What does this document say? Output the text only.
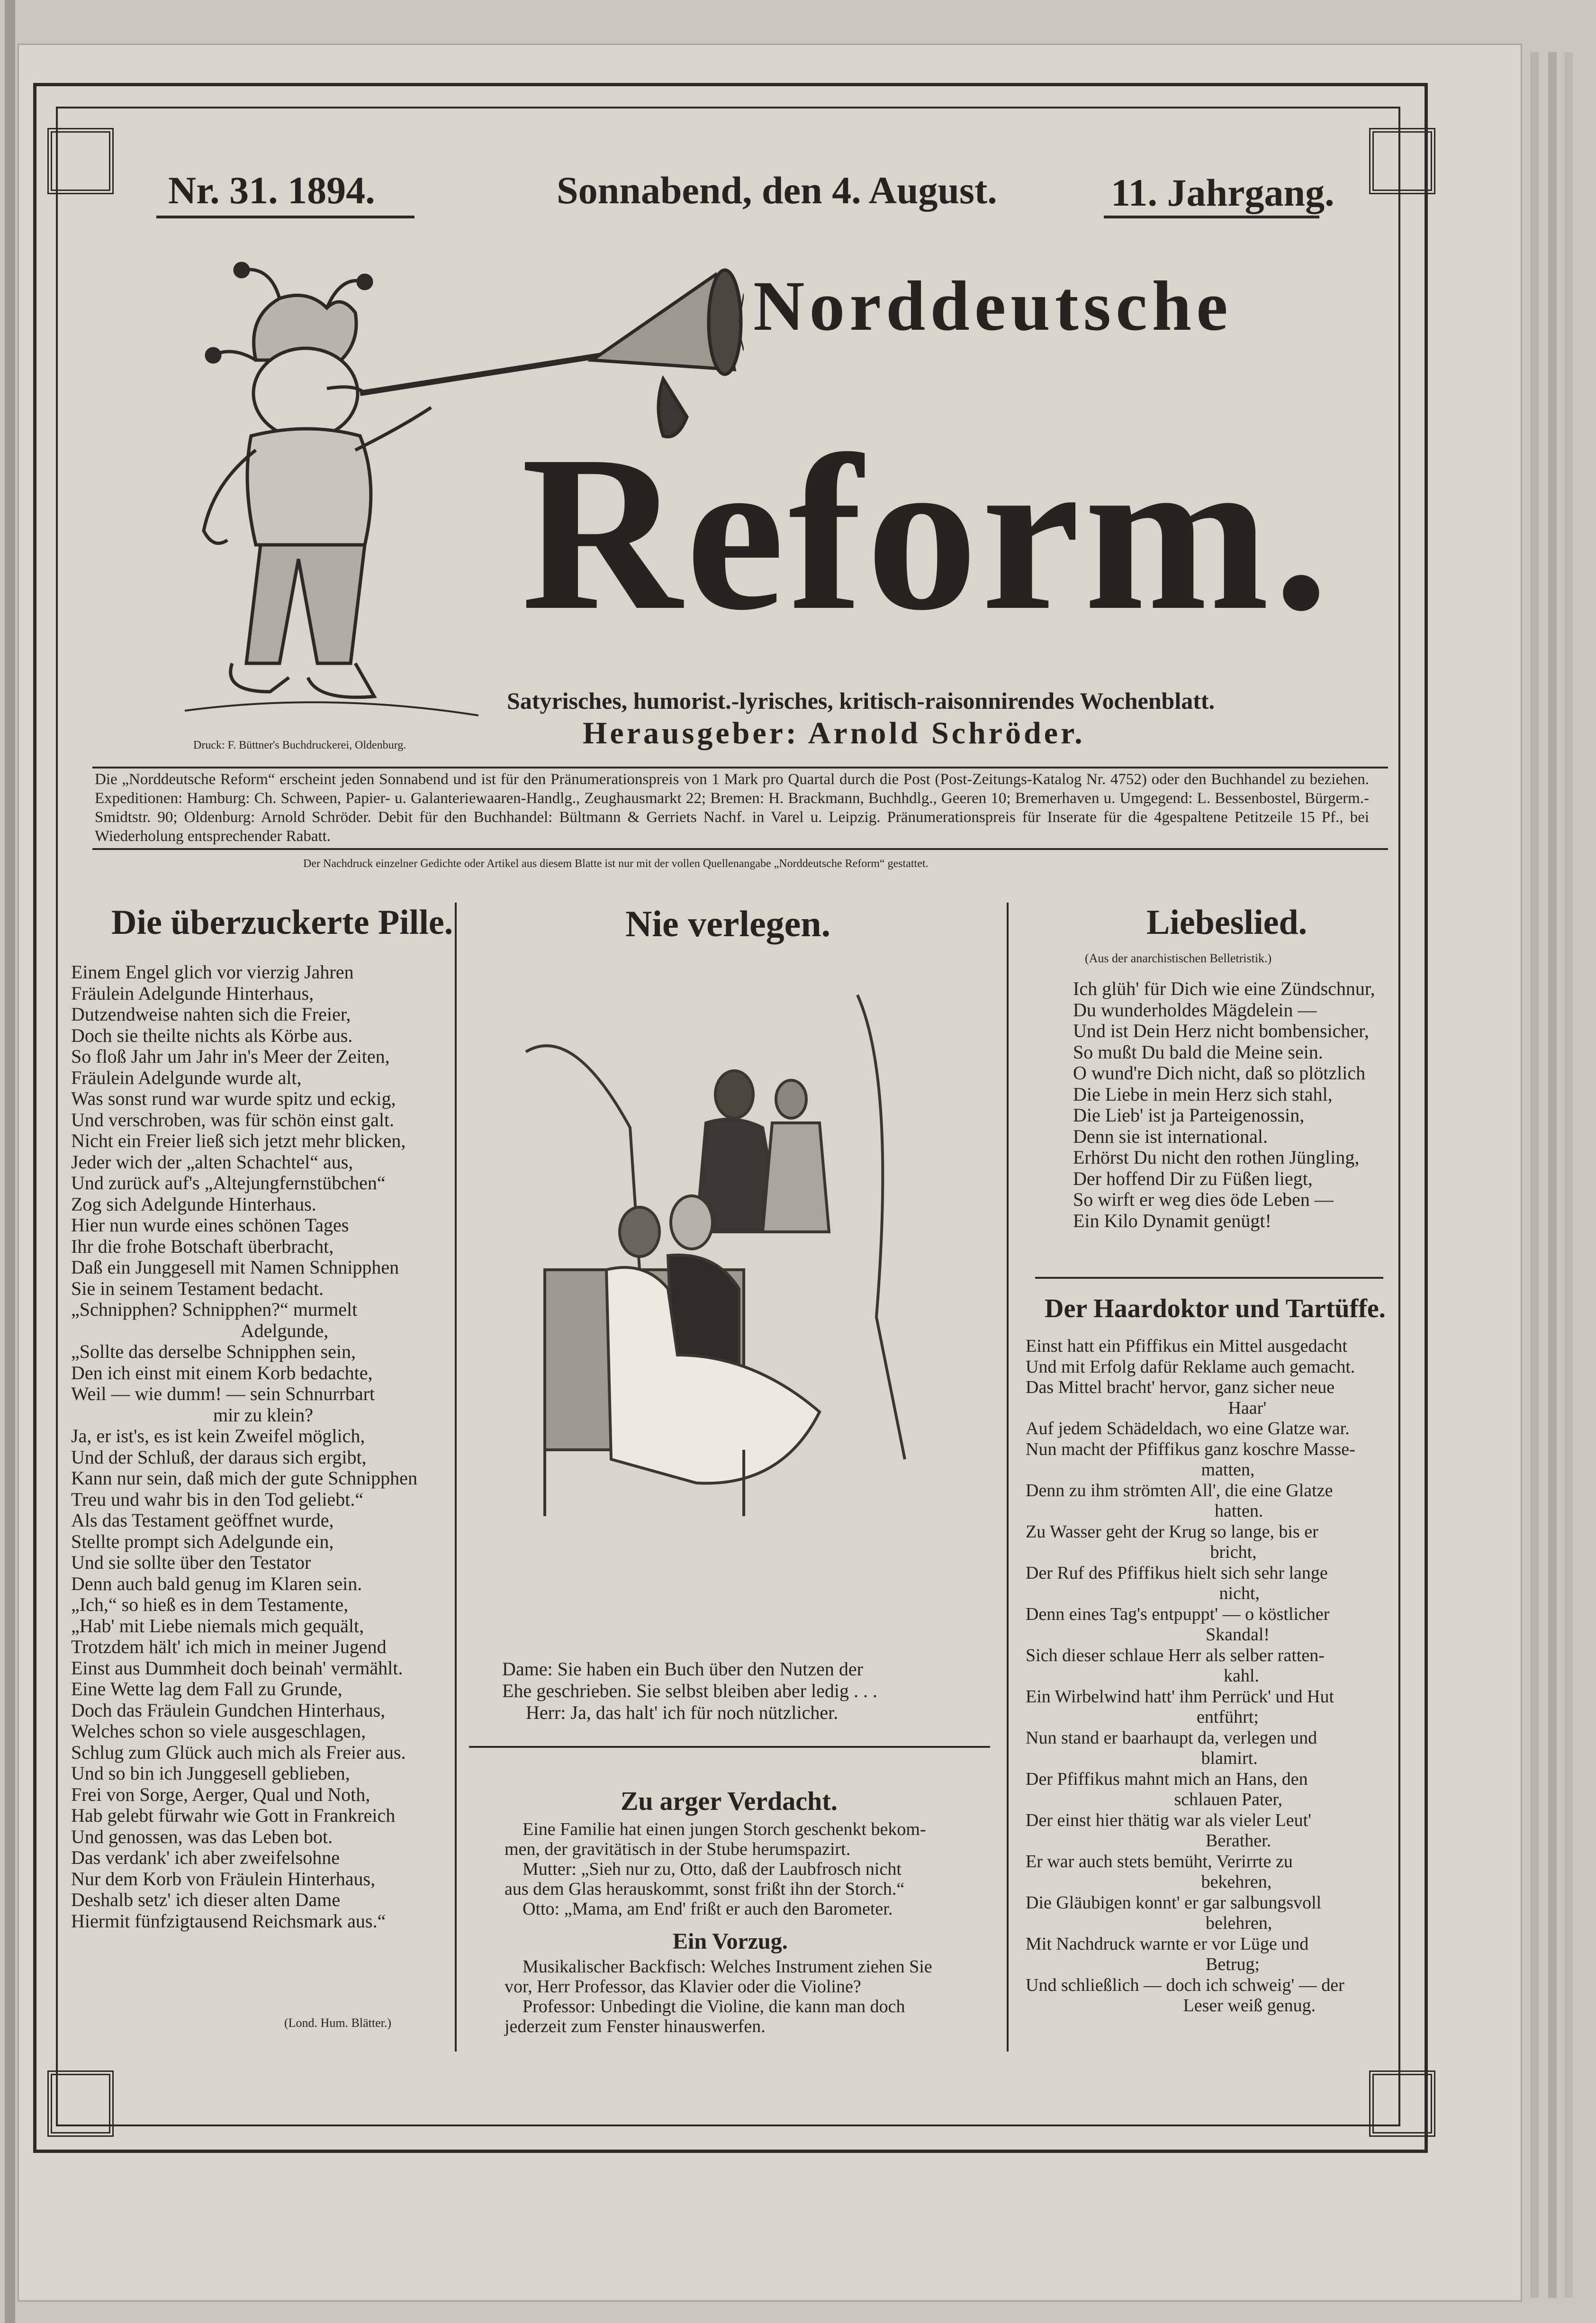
Nr. 31. 1894.	Sonnabend, den 4. August.	11. Jahrgang.
Druck: F. Büttner's Buchdruckerei, Oldenburg.
Norddeutsche
Reform.
Satyrisches, humorist.-lyrisches, kritisch-raisonnirendes Wochenblatt.
Herausgeber: Arnold Schröder.
Die „Norddeutsche Reform“ erscheint jeden Sonnabend und ist für den Pränumerationspreis von 1 Mark pro Quartal durch die Post (Post-Zeitungs-Katalog Nr. 4752) oder den Buchhandel zu beziehen. Expeditionen: Hamburg: Ch. Schween, Papier- u. Galanteriewaaren-Handlg., Zeughausmarkt 22; Bremen: H. Brackmann, Buchhdlg., Geeren 10; Bremerhaven u. Umgegend: L. Bessenbostel, Bürgerm.-Smidtstr. 90; Oldenburg: Arnold Schröder. Debit für den Buchhandel: Bültmann & Gerriets Nachf. in Varel u. Leipzig. Pränumerationspreis für Inserate für die 4gespaltene Petitzeile 15 Pf., bei Wiederholung entsprechender Rabatt.
Der Nachdruck einzelner Gedichte oder Artikel aus diesem Blatte ist nur mit der vollen Quellenangabe „Norddeutsche Reform“ gestattet.
Die überzuckerte Pille.
Einem Engel glich vor vierzig Jahren
Fräulein Adelgunde Hinterhaus,
Dutzendweise nahten sich die Freier,
Doch sie theilte nichts als Körbe aus.
So floß Jahr um Jahr in's Meer der Zeiten,
Fräulein Adelgunde wurde alt,
Was sonst rund war wurde spitz und eckig,
Und verschroben, was für schön einst galt.
Nicht ein Freier ließ sich jetzt mehr blicken,
Jeder wich der „alten Schachtel“ aus,
Und zurück auf's „Altejungfernstübchen“
Zog sich Adelgunde Hinterhaus.
Hier nun wurde eines schönen Tages
Ihr die frohe Botschaft überbracht,
Daß ein Junggesell mit Namen Schnipphen
Sie in seinem Testament bedacht.
„Schnipphen? Schnipphen?“ murmelt
Adelgunde,
„Sollte das derselbe Schnipphen sein,
Den ich einst mit einem Korb bedachte,
Weil — wie dumm! — sein Schnurrbart
mir zu klein?
Ja, er ist's, es ist kein Zweifel möglich,
Und der Schluß, der daraus sich ergibt,
Kann nur sein, daß mich der gute Schnipphen
Treu und wahr bis in den Tod geliebt.“
Als das Testament geöffnet wurde,
Stellte prompt sich Adelgunde ein,
Und sie sollte über den Testator
Denn auch bald genug im Klaren sein.
„Ich,“ so hieß es in dem Testamente,
„Hab' mit Liebe niemals mich gequält,
Trotzdem hält' ich mich in meiner Jugend
Einst aus Dummheit doch beinah' vermählt.
Eine Wette lag dem Fall zu Grunde,
Doch das Fräulein Gundchen Hinterhaus,
Welches schon so viele ausgeschlagen,
Schlug zum Glück auch mich als Freier aus.
Und so bin ich Junggesell geblieben,
Frei von Sorge, Aerger, Qual und Noth,
Hab gelebt fürwahr wie Gott in Frankreich
Und genossen, was das Leben bot.
Das verdank' ich aber zweifelsohne
Nur dem Korb von Fräulein Hinterhaus,
Deshalb setz' ich dieser alten Dame
Hiermit fünfzigtausend Reichsmark aus.“
(Lond. Hum. Blätter.)
Nie verlegen.
Dame: Sie haben ein Buch über den Nutzen der
Ehe geschrieben. Sie selbst bleiben aber ledig . . .
Herr: Ja, das halt' ich für noch nützlicher.
Zu arger Verdacht.
Eine Familie hat einen jungen Storch geschenkt bekom-
men, der gravitätisch in der Stube herumspazirt.
Mutter: „Sieh nur zu, Otto, daß der Laubfrosch nicht
aus dem Glas herauskommt, sonst frißt ihn der Storch.“
Otto: „Mama, am End' frißt er auch den Barometer.
Ein Vorzug.
Musikalischer Backfisch: Welches Instrument ziehen Sie
vor, Herr Professor, das Klavier oder die Violine?
Professor: Unbedingt die Violine, die kann man doch
jederzeit zum Fenster hinauswerfen.
Liebeslied.
(Aus der anarchistischen Belletristik.)
Ich glüh' für Dich wie eine Zündschnur,
Du wunderholdes Mägdelein —
Und ist Dein Herz nicht bombensicher,
So mußt Du bald die Meine sein.
O wund're Dich nicht, daß so plötzlich
Die Liebe in mein Herz sich stahl,
Die Lieb' ist ja Parteigenossin,
Denn sie ist international.
Erhörst Du nicht den rothen Jüngling,
Der hoffend Dir zu Füßen liegt,
So wirft er weg dies öde Leben —
Ein Kilo Dynamit genügt!
Der Haardoktor und Tartüffe.
Einst hatt ein Pfiffikus ein Mittel ausgedacht
Und mit Erfolg dafür Reklame auch gemacht.
Das Mittel bracht' hervor, ganz sicher neue
Haar'
Auf jedem Schädeldach, wo eine Glatze war.
Nun macht der Pfiffikus ganz koschre Masse-
matten,
Denn zu ihm strömten All', die eine Glatze
hatten.
Zu Wasser geht der Krug so lange, bis er
bricht,
Der Ruf des Pfiffikus hielt sich sehr lange
nicht,
Denn eines Tag's entpuppt' — o köstlicher
Skandal!
Sich dieser schlaue Herr als selber ratten-
kahl.
Ein Wirbelwind hatt' ihm Perrück' und Hut
entführt;
Nun stand er baarhaupt da, verlegen und
blamirt.
Der Pfiffikus mahnt mich an Hans, den
schlauen Pater,
Der einst hier thätig war als vieler Leut'
Berather.
Er war auch stets bemüht, Verirrte zu
bekehren,
Die Gläubigen konnt' er gar salbungsvoll
belehren,
Mit Nachdruck warnte er vor Lüge und
Betrug;
Und schließlich — doch ich schweig' — der
Leser weiß genug.
